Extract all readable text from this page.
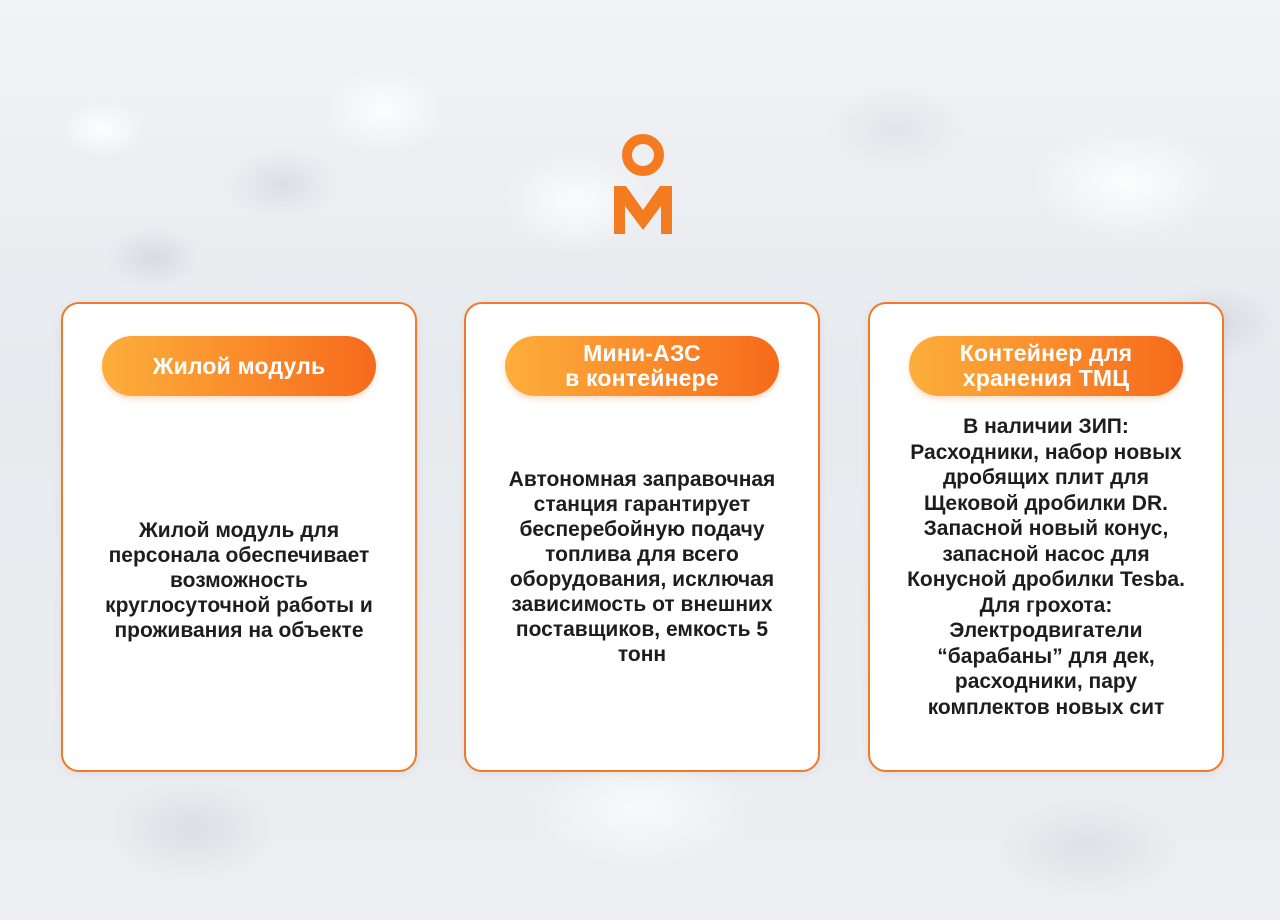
Жилой модуль
Жилой модуль для
персонала обеспечивает
возможность
круглосуточной работы и
проживания на объекте
Мини-АЗС
в контейнере
Автономная заправочная
станция гарантирует
бесперебойную подачу
топлива для всего
оборудования, исключая
зависимость от внешних
поставщиков, емкость 5
тонн
Контейнер для
хранения ТМЦ
В наличии ЗИП:
Расходники, набор новых
дробящих плит для
Щековой дробилки DR.
Запасной новый конус,
запасной насос для
Конусной дробилки Tesba.
Для грохота:
Электродвигатели
“барабаны” для дек,
расходники, пару
комплектов новых сит
